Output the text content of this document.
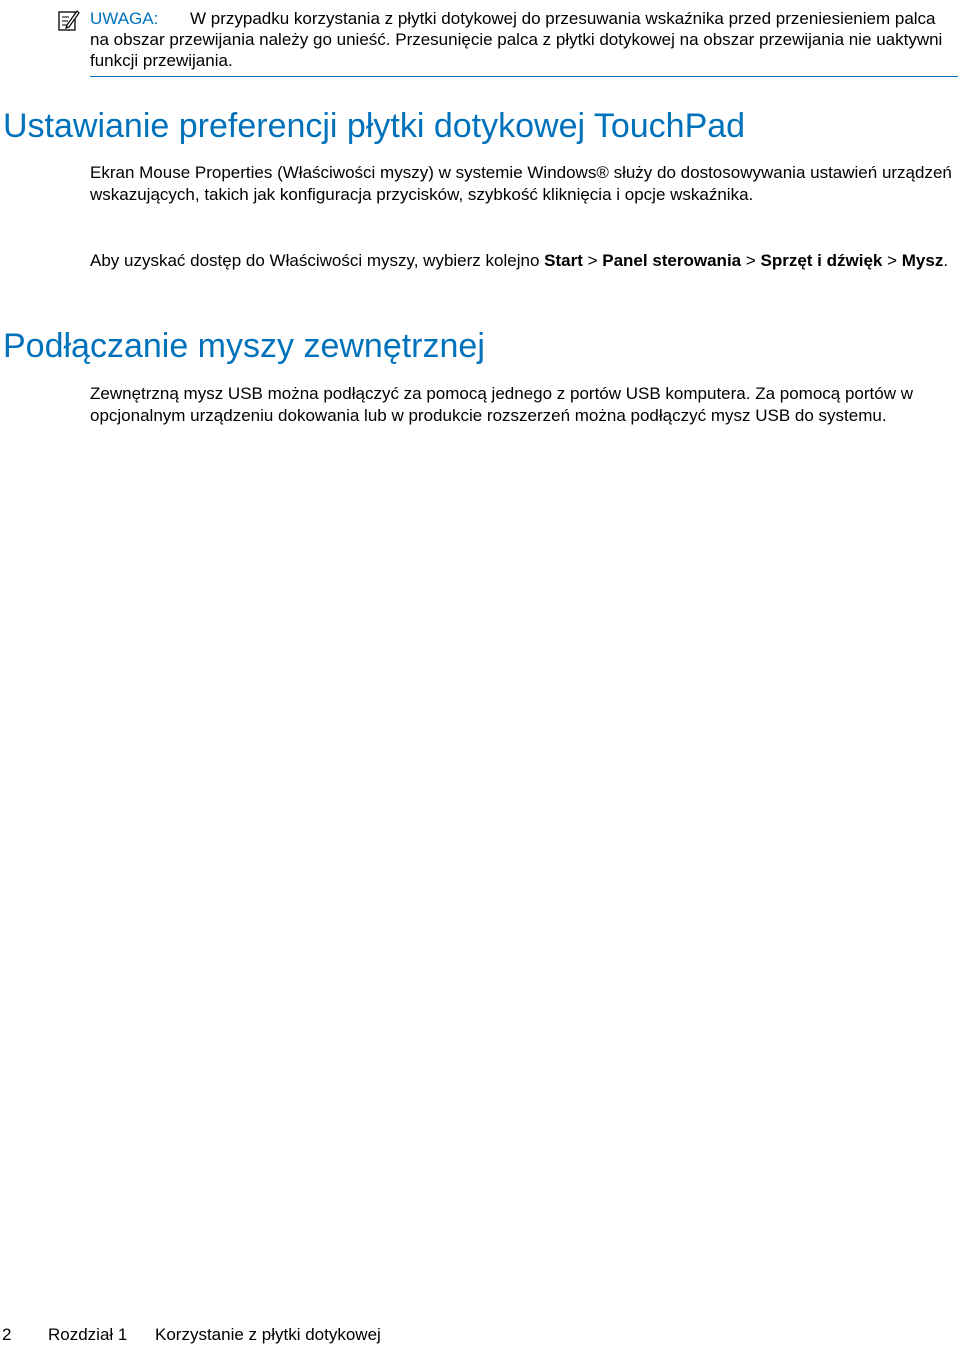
UWAGA:	W przypadku korzystania z płytki dotykowej do przesuwania wskaźnika przed przeniesieniem palca na obszar przewijania należy go unieść. Przesunięcie palca z płytki dotykowej na obszar przewijania nie uaktywni funkcji przewijania.
Ustawianie preferencji płytki dotykowej TouchPad

Ekran Mouse Properties (Właściwości myszy) w systemie Windows® służy do dostosowywania ustawień urządzeń wskazujących, takich jak konfiguracja przycisków, szybkość kliknięcia i opcje wskaźnika.

Aby uzyskać dostęp do Właściwości myszy, wybierz kolejno Start > Panel sterowania > Sprzęt i dźwięk > Mysz.

Podłączanie myszy zewnętrznej

Zewnętrzną mysz USB można podłączyć za pomocą jednego z portów USB komputera. Za pomocą portów w opcjonalnym urządzeniu dokowania lub w produkcie rozszerzeń można podłączyć mysz USB do systemu.

2 Rozdział 1 Korzystanie z płytki dotykowej
